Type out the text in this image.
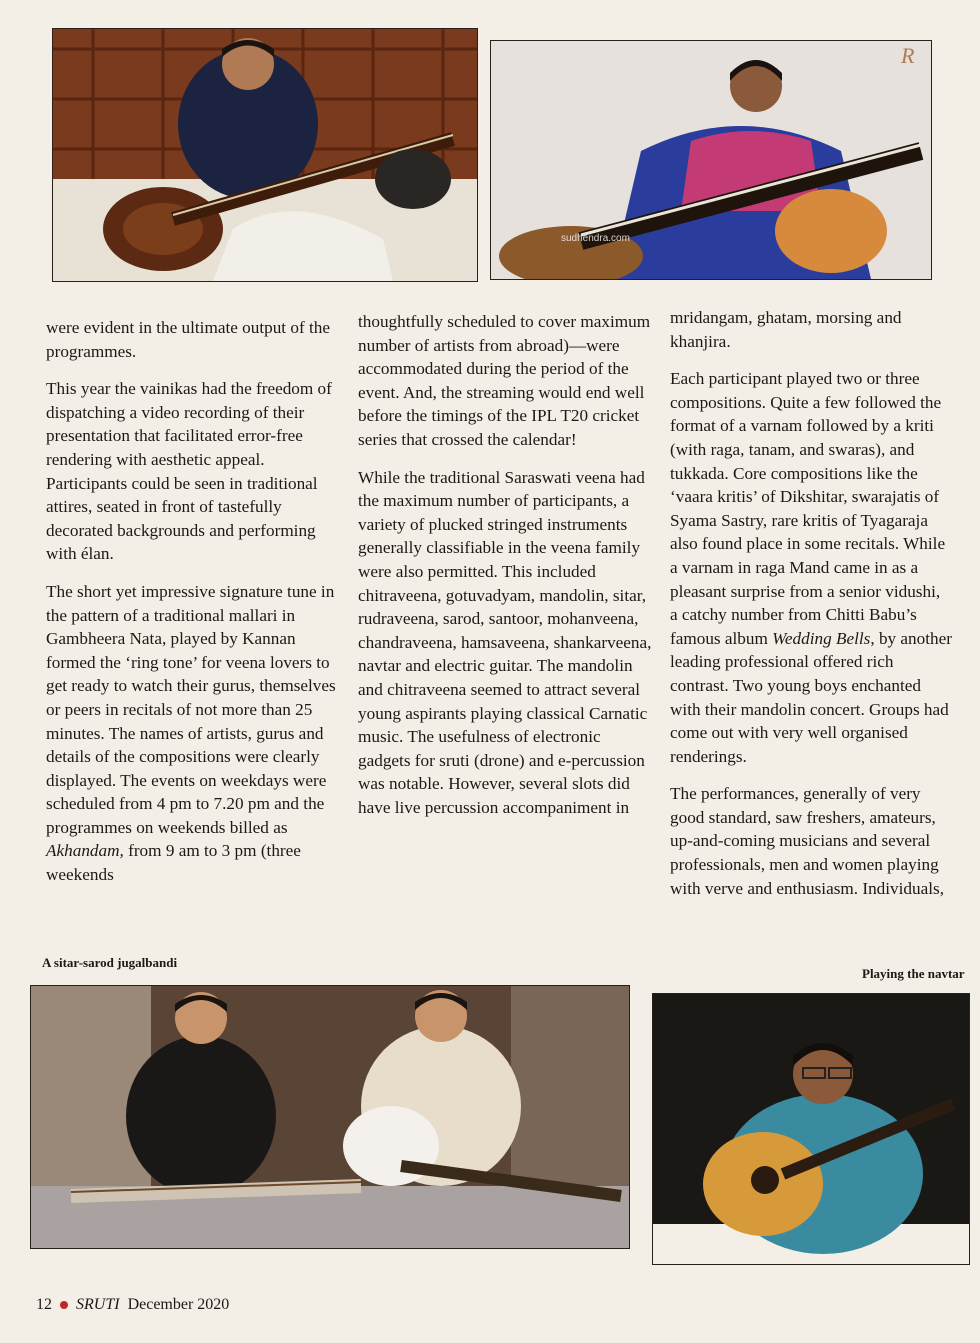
sudhendra.com
R

were evident in the ultimate output of the programmes.

This year the vainikas had the freedom of dispatching a video recording of their presentation that facilitated error-free rendering with aesthetic appeal. Participants could be seen in traditional attires, seated in front of tastefully decorated backgrounds and performing with élan.

The short yet impressive signature tune in the pattern of a traditional mallari in Gambheera Nata, played by Kannan formed the ‘ring tone’ for veena lovers to get ready to watch their gurus, themselves or peers in recitals of not more than 25 minutes. The names of artists, gurus and details of the compositions were clearly displayed. The events on weekdays were scheduled from 4 pm to 7.20 pm and the programmes on weekends billed as Akhandam, from 9 am to 3 pm (three weekends

thoughtfully scheduled to cover maximum number of artists from abroad)—were accommodated during the period of the event. And, the streaming would end well before the timings of the IPL T20 cricket series that crossed the calendar!

While the traditional Saraswati veena had the maximum number of participants, a variety of plucked stringed instruments generally classifiable in the veena family were also permitted. This included chitraveena, gotuvadyam, mandolin, sitar, rudraveena, sarod, santoor, mohanveena, chandraveena, hamsaveena, shankarveena, navtar and electric guitar. The mandolin and chitraveena seemed to attract several young aspirants playing classical Carnatic music. The usefulness of electronic gadgets for sruti (drone) and e-percussion was notable. However, several slots did have live percussion accompaniment in

mridangam, ghatam, morsing and khanjira.

Each participant played two or three compositions. Quite a few followed the format of a varnam followed by a kriti (with raga, tanam, and swaras), and tukkada. Core compositions like the ‘vaara kritis’ of Dikshitar, swarajatis of Syama Sastry, rare kritis of Tyagaraja also found place in some recitals. While a varnam in raga Mand came in as a pleasant surprise from a senior vidushi, a catchy number from Chitti Babu’s famous album Wedding Bells, by another leading professional offered rich contrast. Two young boys enchanted with their mandolin concert. Groups had come out with very well organised renderings.

The performances, generally of very good standard, saw freshers, amateurs, up-and-coming musicians and several professionals, men and women playing with verve and enthusiasm. Individuals,

A sitar-sarod jugalbandi
Playing the navtar
12 SRUTI December 2020
